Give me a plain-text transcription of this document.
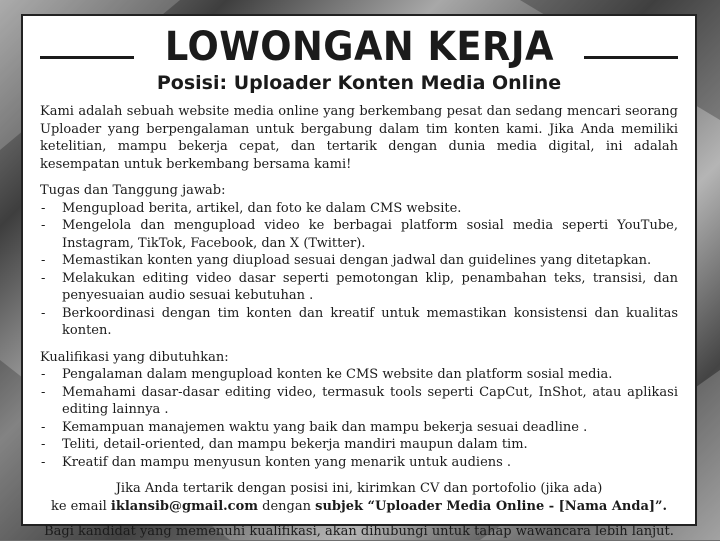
LOWONGAN KERJA
Posisi: Uploader Konten Media Online

Kami adalah sebuah website media online yang berkembang pesat dan sedang mencari seorang Uploader yang berpengalaman untuk bergabung dalam tim konten kami. Jika Anda memiliki ketelitian, mampu bekerja cepat, dan tertarik dengan dunia media digital, ini adalah kesempatan untuk berkembang bersama kami!

Tugas dan Tanggung jawab:
- Mengupload berita, artikel, dan foto ke dalam CMS website.
- Mengelola dan mengupload video ke berbagai platform sosial media seperti YouTube, Instagram, TikTok, Facebook, dan X (Twitter).
- Memastikan konten yang diupload sesuai dengan jadwal dan guidelines yang ditetapkan.
- Melakukan editing video dasar seperti pemotongan klip, penambahan teks, transisi, dan penyesuaian audio sesuai kebutuhan .
- Berkoordinasi dengan tim konten dan kreatif untuk memastikan konsistensi dan kualitas konten.
Kualifikasi yang dibutuhkan:
- Pengalaman dalam mengupload konten ke CMS website dan platform sosial media.
- Memahami dasar-dasar editing video, termasuk tools seperti CapCut, InShot, atau aplikasi editing lainnya .
- Kemampuan manajemen waktu yang baik dan mampu bekerja sesuai deadline .
- Teliti, detail-oriented, dan mampu bekerja mandiri maupun dalam tim.
- Kreatif dan mampu menyusun konten yang menarik untuk audiens .
Jika Anda tertarik dengan posisi ini, kirimkan CV dan portofolio (jika ada)
ke email iklansib@gmail.com dengan subjek “Uploader Media Online - [Nama Anda]”.
Bagi kandidat yang memenuhi kualifikasi, akan dihubungi untuk tahap wawancara lebih lanjut.
